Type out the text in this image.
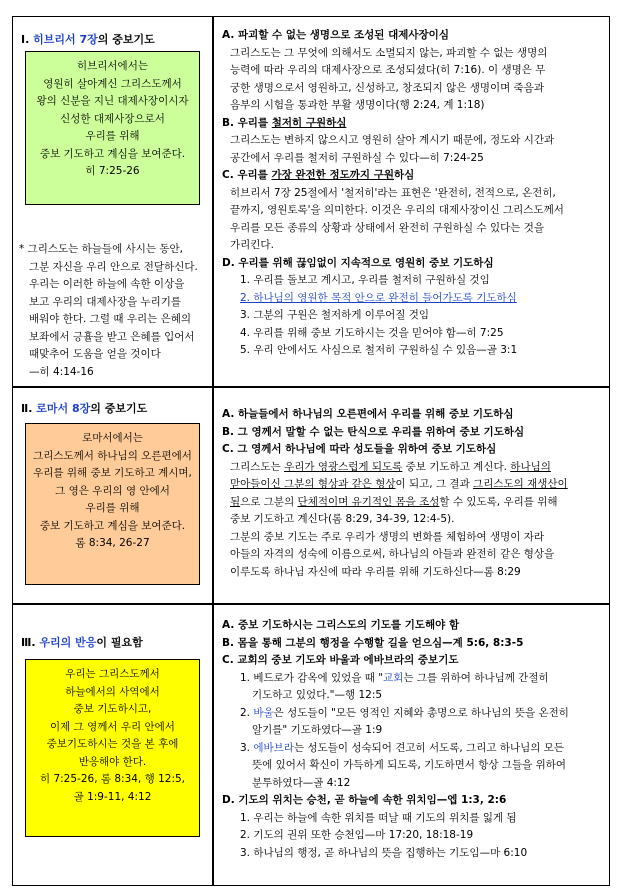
Ⅰ. 히브리서 7장의 중보기도
히브리서에서는
영원히 살아계신 그리스도께서
왕의 신분을 지닌 대제사장이시자
신성한 대제사장으로서
우리를 위해
중보 기도하고 계심을 보여준다.
히 7:25-26
* 그리스도는 하늘들에 사시는 동안,
그분 자신을 우리 안으로 전달하신다.
우리는 이러한 하늘에 속한 이상을
보고 우리의 대제사장을 누리기를
배워야 한다. 그럴 때 우리는 은혜의
보좌에서 긍휼을 받고 은혜를 입어서
때맞추어 도움을 얻을 것이다
—히 4:14-16
A. 파괴할 수 없는 생명으로 조성된 대제사장이심
그리스도는 그 무엇에 의해서도 소멸되지 않는, 파괴할 수 없는 생명의
능력에 따라 우리의 대제사장으로 조성되셨다(히 7:16). 이 생명은 무
궁한 생명으로서 영원하고, 신성하고, 창조되지 않은 생명이며 죽음과
음부의 시험을 통과한 부활 생명이다(행 2:24, 계 1:18)
B. 우리를 철저히 구원하심
그리스도는 변하지 않으시고 영원히 살아 계시기 때문에, 정도와 시간과
공간에서 우리를 철저히 구원하실 수 있다—히 7:24-25
C. 우리를 가장 완전한 정도까지 구원하심
히브리서 7장 25절에서 '철저히'라는 표현은 '완전히, 전적으로, 온전히,
끝까지, 영원토록'을 의미한다. 이것은 우리의 대제사장이신 그리스도께서
우리를 모든 종류의 상황과 상태에서 완전히 구원하실 수 있다는 것을
가리킨다.
D. 우리를 위해 끊임없이 지속적으로 영원히 중보 기도하심
1. 우리를 돌보고 계시고, 우리를 철저히 구원하실 것임
2. 하나님의 영원한 목적 안으로 완전히 들어가도록 기도하심
3. 그분의 구원은 철저하게 이루어질 것임
4. 우리를 위해 중보 기도하시는 것을 믿어야 함—히 7:25
5. 우리 안에서도 사심으로 철저히 구원하실 수 있음—골 3:1
Ⅱ. 로마서 8장의 중보기도
로마서에서는
그리스도께서 하나님의 오른편에서
우리를 위해 중보 기도하고 계시며,
그 영은 우리의 영 안에서
우리를 위해
중보 기도하고 계심을 보여준다.
롬 8:34, 26-27
A. 하늘들에서 하나님의 오른편에서 우리를 위해 중보 기도하심
B. 그 영께서 말할 수 없는 탄식으로 우리를 위하여 중보 기도하심
C. 그 영께서 하나님에 따라 성도들을 위하여 중보 기도하심
그리스도는 우리가 영광스럽게 되도록 중보 기도하고 계신다. 하나님의
맏아들이신 그분의 형상과 같은 형상이 되고, 그 결과 그리스도의 재생산이
됨으로 그분의 단체적이며 유기적인 몸을 조성할 수 있도록, 우리를 위해
중보 기도하고 계신다(롬 8:29, 34-39, 12:4-5).
그분의 중보 기도는 주로 우리가 생명의 변화를 체험하여 생명이 자라
아들의 자격의 성숙에 이름으로써, 하나님의 아들과 완전히 같은 형상을
이루도록 하나님 자신에 따라 우리를 위해 기도하신다—롬 8:29
Ⅲ. 우리의 반응이 필요함
우리는 그리스도께서
하늘에서의 사역에서
중보 기도하시고,
이제 그 영께서 우리 안에서
중보기도하시는 것을 본 후에
반응해야 한다.
히 7:25-26, 롬 8:34, 행 12:5,
골 1:9-11, 4:12
A. 중보 기도하시는 그리스도의 기도를 기도해야 함
B. 몸을 통해 그분의 행정을 수행할 길을 얻으심—계 5:6, 8:3-5
C. 교회의 중보 기도와 바울과 에바브라의 중보기도
1. 베드로가 감옥에 있었을 때 "교회는 그를 위하여 하나님께 간절히
기도하고 있었다."—행 12:5
2. 바울은 성도들이 "모든 영적인 지혜와 총명으로 하나님의 뜻을 온전히
알기를" 기도하였다—골 1:9
3. 에바브라는 성도들이 성숙되어 견고히 서도록, 그리고 하나님의 모든
뜻에 있어서 확신이 가득하게 되도록, 기도하면서 항상 그들을 위하여
분투하였다—골 4:12
D. 기도의 위치는 승천, 곧 하늘에 속한 위치임—엡 1:3, 2:6
1. 우리는 하늘에 속한 위치를 떠날 때 기도의 위치를 잃게 됨
2. 기도의 권위 또한 승천임—마 17:20, 18:18-19
3. 하나님의 행정, 곧 하나님의 뜻을 집행하는 기도임—마 6:10
